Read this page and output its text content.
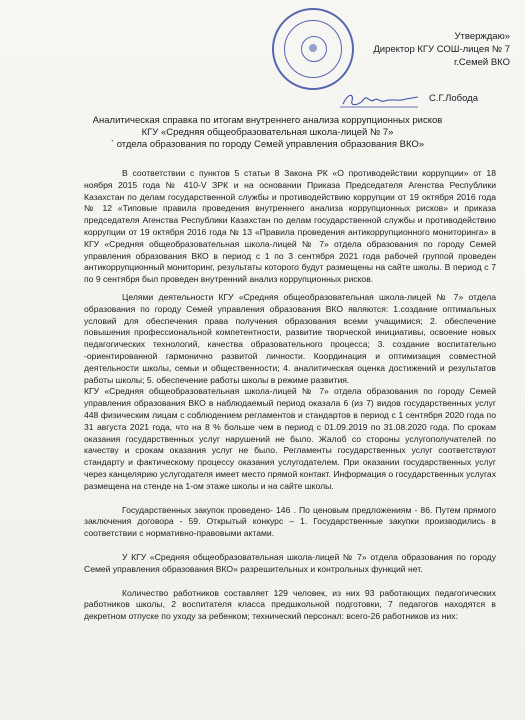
Утверждаю»
Директор КГУ СОШ-лицея № 7
г.Семей ВКО
С.Г.Лобода
Аналитическая справка по итогам внутреннего анализа коррупционных рисков
КГУ «Средняя общеобразовательная школа-лицей № 7»
` отдела образования по городу Семей управления образования ВКО»

В соответствии с пунктов 5 статьи 8 Закона РК «О противодействии коррупции» от 18 ноября 2015 года № 410-V ЗРК и на основании Приказа Председателя Агенства Республики Казахстан по делам государственной службы и противодействию коррупции от 19 октября 2016 года № 12 «Типовые правила проведения внутреннего анализа коррупционных рисков» и приказа председателя Агенства Республики Казахстан по делам государственной службы и противодействию коррупции от 19 октября 2016 года № 13 «Правила проведения антикоррупционного мониторинга» в КГУ «Средняя общеобразовательная школа-лицей № 7» отдела образования по городу Семей управления образования ВКО в период с 1 по 3 сентября 2021 года рабочей группой проведен антикоррупционный мониторинг, результаты которого будут размещены на сайте школы. В период с 7 по 9 сентября был проведен внутренний анализ коррупционных рисков.

Целями деятельности КГУ «Средняя общеобразовательная школа-лицей № 7» отдела образования по городу Семей управления образования ВКО являются: 1.создание оптимальных условий для обеспечения права получения образования всеми учащимися; 2. обеспечение повышения профессиональной компетентности, развитие творческой инициативы, освоение новых педагогических технологий, качества образовательного процесса; 3. создание воспитательно -ориентированной гармонично развитой личности. Координация и оптимизация совместной деятельности школы, семьи и общественности; 4. аналитическая оценка достижений и результатов работы школы; 5. обеспечение работы школы в режиме развития.

КГУ «Средняя общеобразовательная школа-лицей № 7» отдела образования по городу Семей управления образования ВКО в наблюдаемый период оказала 6 (из 7) видов государственных услуг 448 физическим лицам с соблюдением регламентов и стандартов в период с 1 сентября 2020 года по 31 августа 2021 года, что на 8 % больше чем в период с 01.09.2019 по 31.08.2020 года. По срокам оказания государственных услуг нарушений не было. Жалоб со стороны услугополучателей по качеству и срокам оказания услуг не было. Регламенты государственных услуг соответствуют стандарту и фактическому процессу оказания услугодателем. При оказании государственных услуг через канцелярию услугодателя имеет место прямой контакт. Информация о государственных услугах размещена на стенде на 1-ом этаже школы и на сайте школы.

Государственных закупок проведено- 146 . По ценовым предложениям - 86. Путем прямого заключения договора - 59. Открытый конкурс – 1. Государственные закупки производились в соответствии с нормативно-правовыми актами.

У КГУ «Средняя общеобразовательная школа-лицей № 7» отдела образования по городу Семей управления образования ВКО» разрешительных и контрольных функций нет.

Количество работников составляет 129 человек, из них 93 работающих педагогических работников школы, 2 воспитателя класса предшкольной подготовки, 7 педагогов находятся в декретном отпуске по уходу за ребенком; технический персонал: всего-26 работников из них:
